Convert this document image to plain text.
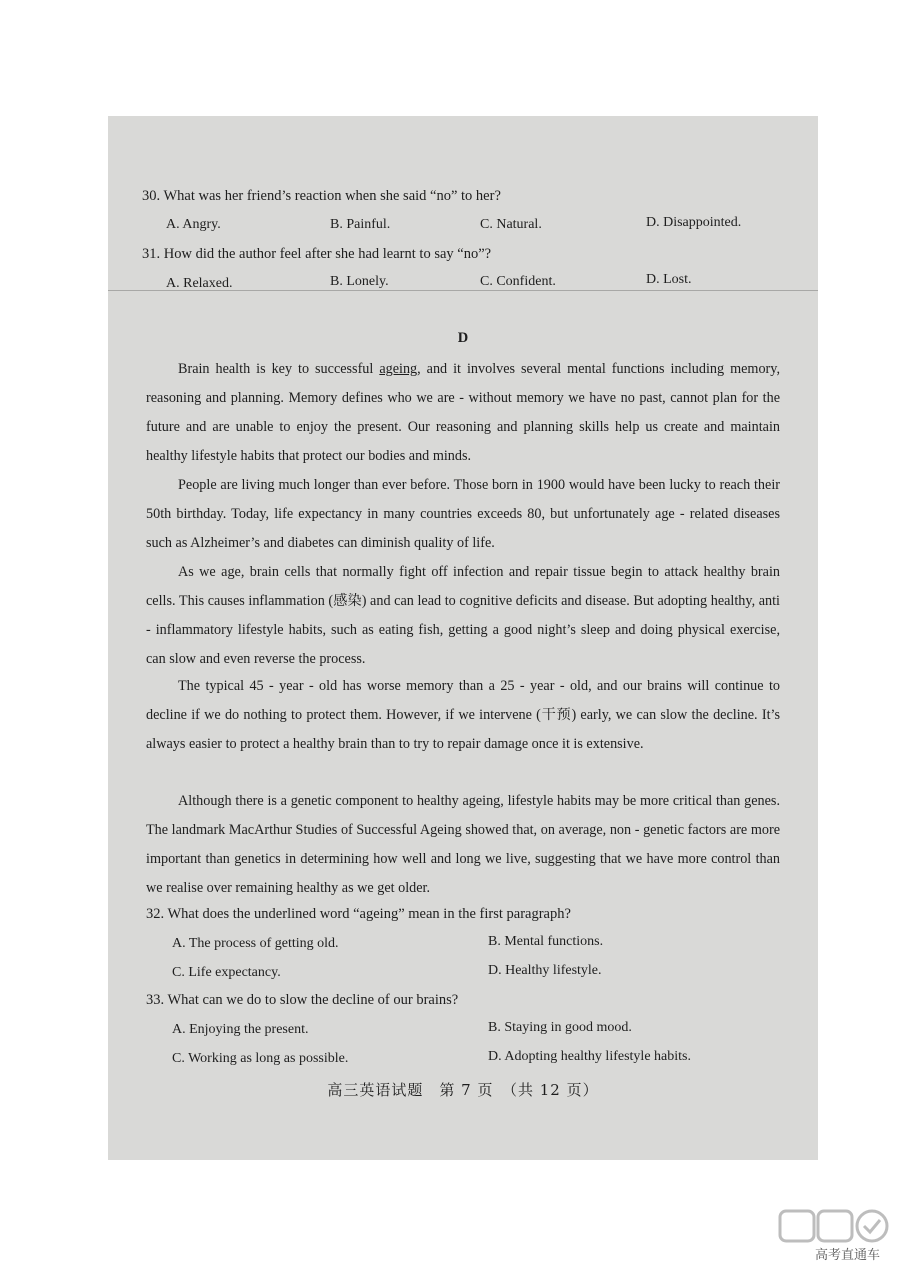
30. What was her friend’s reaction when she said “no” to her?
A. Angry.	B. Painful.	C. Natural.	D. Disappointed.
31. How did the author feel after she had learnt to say “no”?
A. Relaxed.	B. Lonely.	C. Confident.	D. Lost.
D
Brain health is key to successful ageing, and it involves several mental functions including memory, reasoning and planning. Memory defines who we are - without memory we have no past, cannot plan for the future and are unable to enjoy the present. Our reasoning and planning skills help us create and maintain healthy lifestyle habits that protect our bodies and minds.
People are living much longer than ever before. Those born in 1900 would have been lucky to reach their 50th birthday. Today, life expectancy in many countries exceeds 80, but unfortunately age - related diseases such as Alzheimer’s and diabetes can diminish quality of life.
As we age, brain cells that normally fight off infection and repair tissue begin to attack healthy brain cells. This causes inflammation (感染) and can lead to cognitive deficits and disease. But adopting healthy, anti - inflammatory lifestyle habits, such as eating fish, getting a good night’s sleep and doing physical exercise, can slow and even reverse the process.
The typical 45 - year - old has worse memory than a 25 - year - old, and our brains will continue to decline if we do nothing to protect them. However, if we intervene (干预) early, we can slow the decline. It’s always easier to protect a healthy brain than to try to repair damage once it is extensive.
Although there is a genetic component to healthy ageing, lifestyle habits may be more critical than genes. The landmark MacArthur Studies of Successful Ageing showed that, on average, non - genetic factors are more important than genetics in determining how well and long we live, suggesting that we have more control than we realise over remaining healthy as we get older.
32. What does the underlined word “ageing” mean in the first paragraph?
A. The process of getting old.	B. Mental functions.
C. Life expectancy.	D. Healthy lifestyle.
33. What can we do to slow the decline of our brains?
A. Enjoying the present.	B. Staying in good mood.
C. Working as long as possible.	D. Adopting healthy lifestyle habits.
高三英语试题　第 7 页　（共 12 页）
高考直通车
